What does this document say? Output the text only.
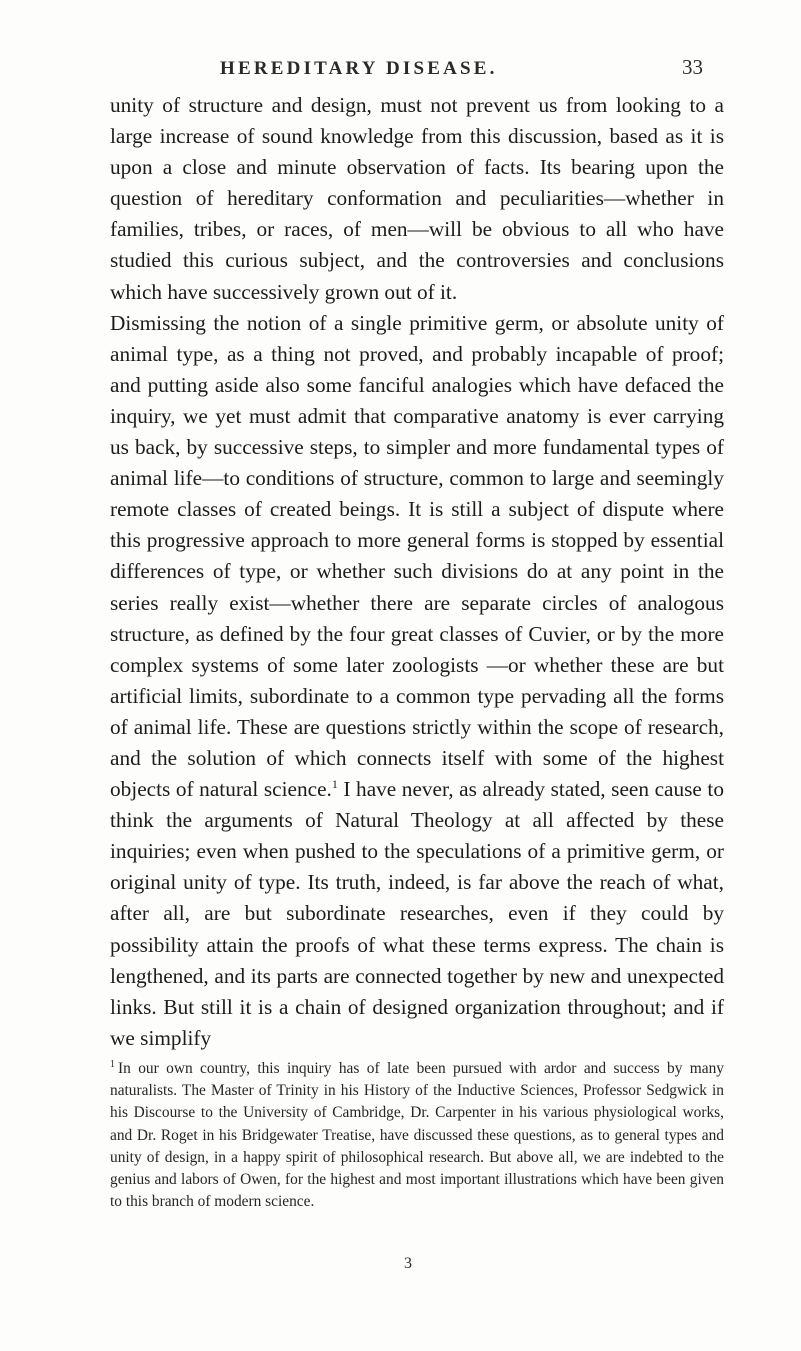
HEREDITARY DISEASE.	33

unity of structure and design, must not prevent us from looking to a large increase of sound knowledge from this discussion, based as it is upon a close and minute observation of facts. Its bearing upon the question of hereditary conformation and peculiarities—whether in families, tribes, or races, of men—will be obvious to all who have studied this curious subject, and the controversies and conclusions which have successively grown out of it.

Dismissing the notion of a single primitive germ, or absolute unity of animal type, as a thing not proved, and probably incapable of proof; and putting aside also some fanciful analogies which have defaced the inquiry, we yet must admit that comparative anatomy is ever carrying us back, by successive steps, to simpler and more fundamental types of animal life—to conditions of structure, common to large and seemingly remote classes of created beings. It is still a subject of dispute where this progressive approach to more general forms is stopped by essential differences of type, or whether such divisions do at any point in the series really exist—whether there are separate circles of analogous structure, as defined by the four great classes of Cuvier, or by the more complex systems of some later zoologists —or whether these are but artificial limits, subordinate to a common type pervading all the forms of animal life. These are questions strictly within the scope of research, and the solution of which connects itself with some of the highest objects of natural science.$^1$ I have never, as already stated, seen cause to think the arguments of Natural Theology at all affected by these inquiries; even when pushed to the speculations of a primitive germ, or original unity of type. Its truth, indeed, is far above the reach of what, after all, are but subordinate researches, even if they could by possibility attain the proofs of what these terms express. The chain is lengthened, and its parts are connected together by new and unexpected links. But still it is a chain of designed organization throughout; and if we simplify

$^1$ In our own country, this inquiry has of late been pursued with ardor and success by many naturalists. The Master of Trinity in his History of the Inductive Sciences, Professor Sedgwick in his Discourse to the University of Cambridge, Dr. Carpenter in his various physiological works, and Dr. Roget in his Bridgewater Treatise, have discussed these questions, as to general types and unity of design, in a happy spirit of philosophical research. But above all, we are indebted to the genius and labors of Owen, for the highest and most important illustrations which have been given to this branch of modern science.

3
